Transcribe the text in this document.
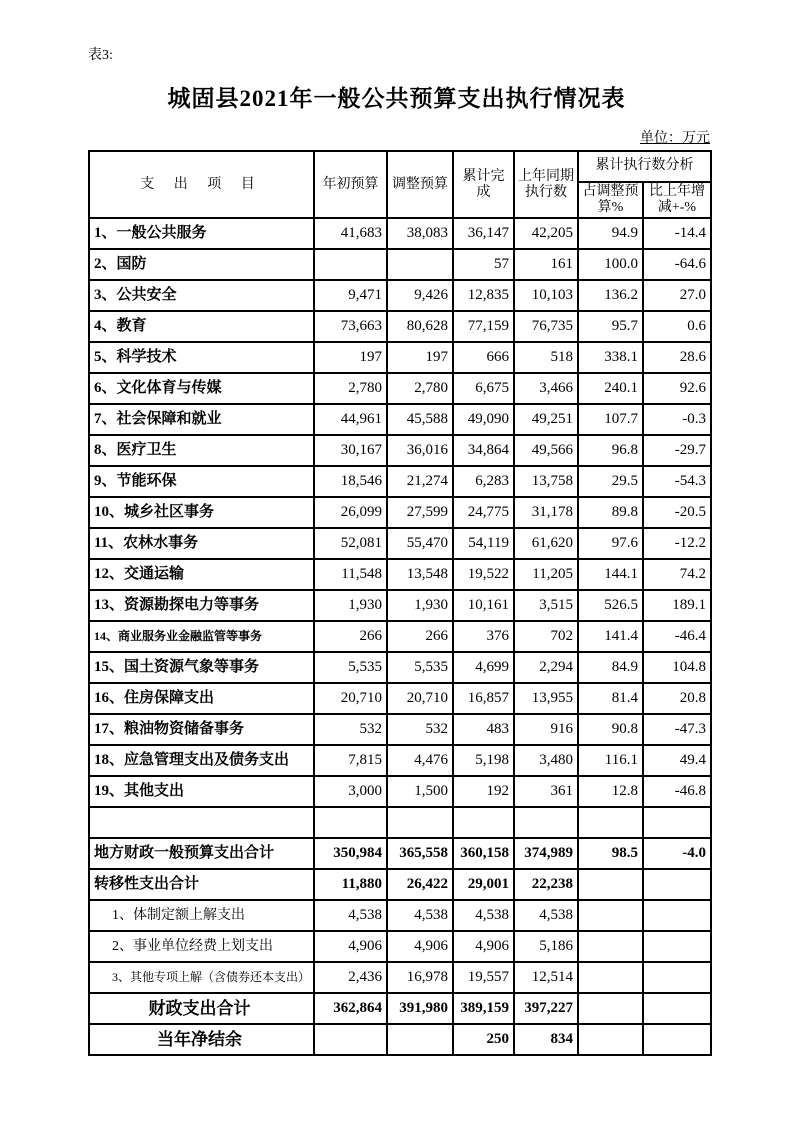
表3:
城固县2021年一般公共预算支出执行情况表
单位：万元
支 出 项 目	年初预算	调整预算	累计完成	上年同期执行数	累计执行数分析	
					占调整预算%	比上年增减+-%
1、一般公共服务	41,683	38,083	36,147	42,205	94.9	-14.4
2、国防			57	161	100.0	-64.6
3、公共安全	9,471	9,426	12,835	10,103	136.2	27.0
4、教育	73,663	80,628	77,159	76,735	95.7	0.6
5、科学技术	197	197	666	518	338.1	28.6
6、文化体育与传媒	2,780	2,780	6,675	3,466	240.1	92.6
7、社会保障和就业	44,961	45,588	49,090	49,251	107.7	-0.3
8、医疗卫生	30,167	36,016	34,864	49,566	96.8	-29.7
9、节能环保	18,546	21,274	6,283	13,758	29.5	-54.3
10、城乡社区事务	26,099	27,599	24,775	31,178	89.8	-20.5
11、农林水事务	52,081	55,470	54,119	61,620	97.6	-12.2
12、交通运输	11,548	13,548	19,522	11,205	144.1	74.2
13、资源勘探电力等事务	1,930	1,930	10,161	3,515	526.5	189.1
14、商业服务业金融监管等事务	266	266	376	702	141.4	-46.4
15、国土资源气象等事务	5,535	5,535	4,699	2,294	84.9	104.8
16、住房保障支出	20,710	20,710	16,857	13,955	81.4	20.8
17、粮油物资储备事务	532	532	483	916	90.8	-47.3
18、应急管理支出及债务支出	7,815	4,476	5,198	3,480	116.1	49.4
19、其他支出	3,000	1,500	192	361	12.8	-46.8

地方财政一般预算支出合计	350,984	365,558	360,158	374,989	98.5	-4.0
转移性支出合计	11,880	26,422	29,001	22,238		
1、体制定额上解支出	4,538	4,538	4,538	4,538		
2、事业单位经费上划支出	4,906	4,906	4,906	5,186		
3、其他专项上解（含债券还本支出）	2,436	16,978	19,557	12,514		
财政支出合计	362,864	391,980	389,159	397,227		
当年净结余			250	834		
